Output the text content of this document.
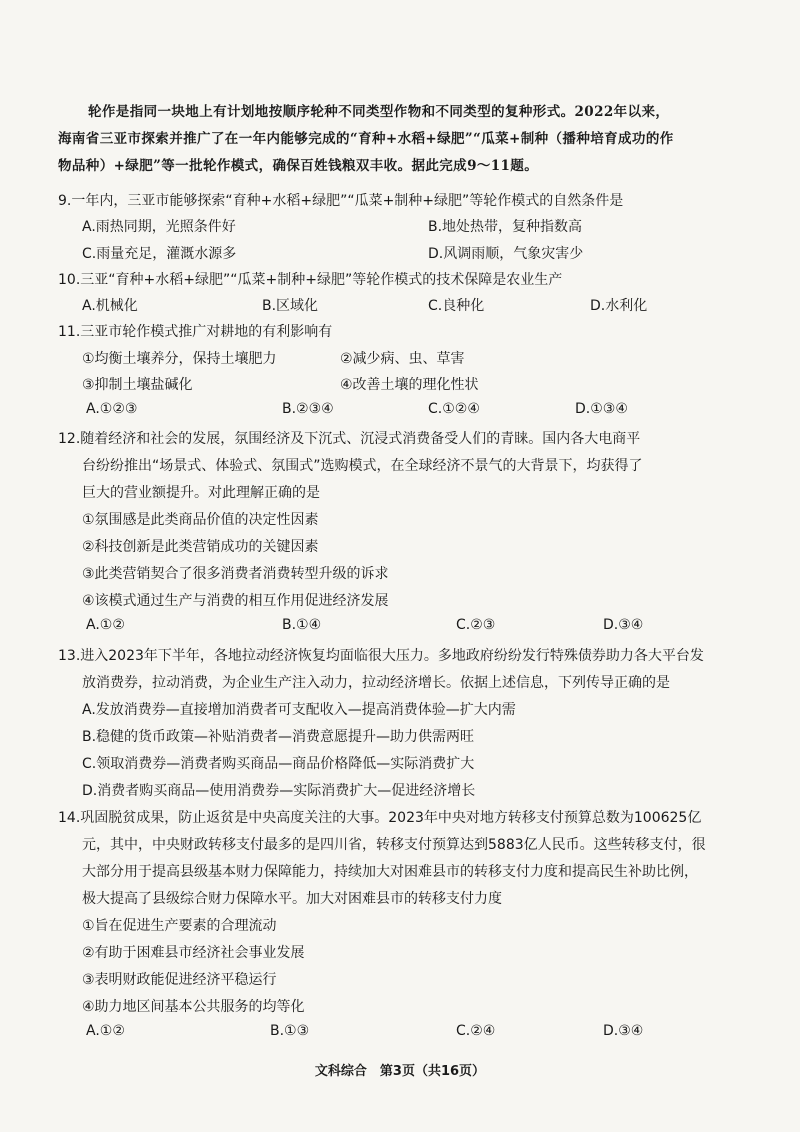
轮作是指同一块地上有计划地按顺序轮种不同类型作物和不同类型的复种形式。2022年以来，

海南省三亚市探索并推广了在一年内能够完成的“育种+水稻+绿肥”“瓜菜+制种（播种培育成功的作

物品种）+绿肥”等一批轮作模式，确保百姓钱粮双丰收。据此完成9～11题。

9.一年内，三亚市能够探索“育种+水稻+绿肥”“瓜菜+制种+绿肥”等轮作模式的自然条件是
A.雨热同期，光照条件好	B.地处热带，复种指数高
C.雨量充足，灌溉水源多	D.风调雨顺，气象灾害少
10.三亚“育种+水稻+绿肥”“瓜菜+制种+绿肥”等轮作模式的技术保障是农业生产
A.机械化	B.区域化	C.良种化	D.水利化
11.三亚市轮作模式推广对耕地的有利影响有
①均衡土壤养分，保持土壤肥力	②减少病、虫、草害
③抑制土壤盐碱化	④改善土壤的理化性状
A.①②③	B.②③④	C.①②④	D.①③④
12.随着经济和社会的发展，氛围经济及下沉式、沉浸式消费备受人们的青睐。国内各大电商平
台纷纷推出“场景式、体验式、氛围式”选购模式，在全球经济不景气的大背景下，均获得了
巨大的营业额提升。对此理解正确的是
①氛围感是此类商品价值的决定性因素
②科技创新是此类营销成功的关键因素
③此类营销契合了很多消费者消费转型升级的诉求
④该模式通过生产与消费的相互作用促进经济发展
A.①②	B.①④	C.②③	D.③④
13.进入2023年下半年，各地拉动经济恢复均面临很大压力。多地政府纷纷发行特殊债券助力各大平台发
放消费券，拉动消费，为企业生产注入动力，拉动经济增长。依据上述信息，下列传导正确的是
A.发放消费券—直接增加消费者可支配收入—提高消费体验—扩大内需
B.稳健的货币政策—补贴消费者—消费意愿提升—助力供需两旺
C.领取消费券—消费者购买商品—商品价格降低—实际消费扩大
D.消费者购买商品—使用消费券—实际消费扩大—促进经济增长
14.巩固脱贫成果，防止返贫是中央高度关注的大事。2023年中央对地方转移支付预算总数为100625亿
元，其中，中央财政转移支付最多的是四川省，转移支付预算达到5883亿人民币。这些转移支付，很
大部分用于提高县级基本财力保障能力，持续加大对困难县市的转移支付力度和提高民生补助比例，
极大提高了县级综合财力保障水平。加大对困难县市的转移支付力度
①旨在促进生产要素的合理流动
②有助于困难县市经济社会事业发展
③表明财政能促进经济平稳运行
④助力地区间基本公共服务的均等化
A.①②	B.①③	C.②④	D.③④
文科综合　第3页（共16页）
